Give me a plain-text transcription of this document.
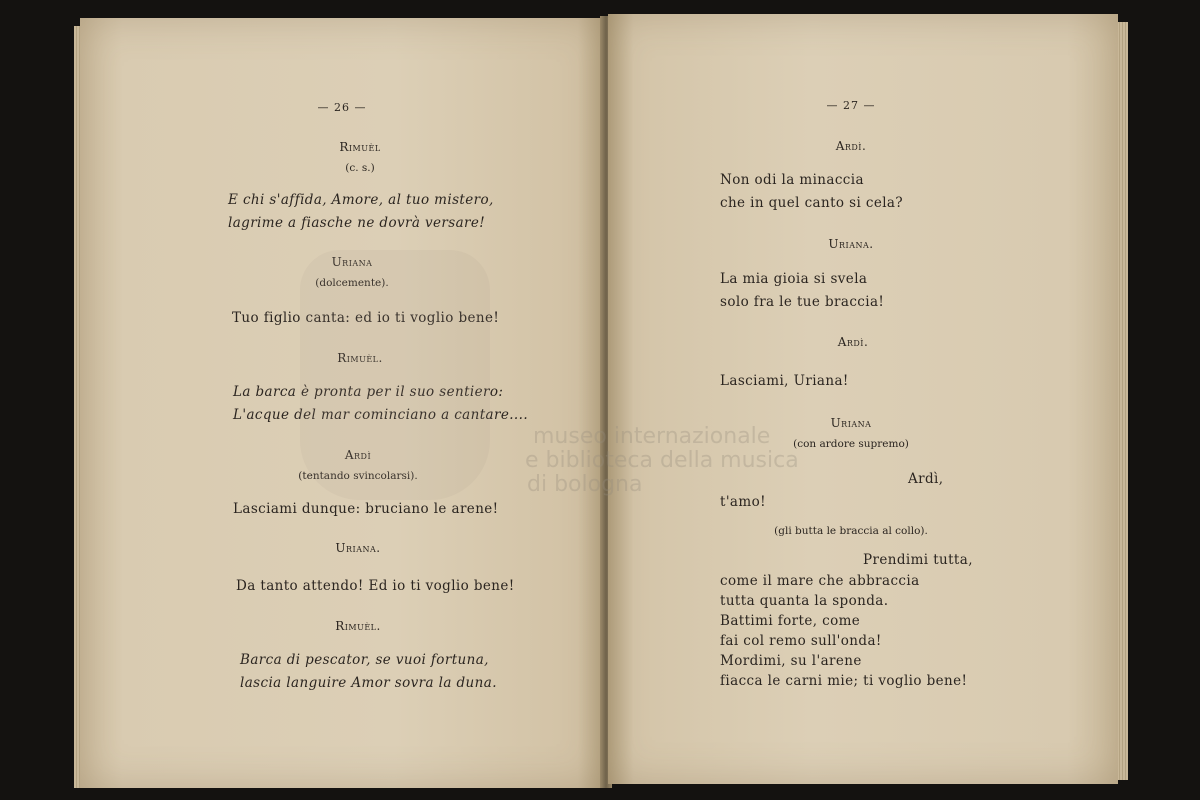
— 26 —
Rimuèl
(c. s.)
E chi s'affida, Amore, al tuo mistero,
lagrime a fiasche ne dovrà versare!
Uriana
(dolcemente).
Tuo figlio canta: ed io ti voglio bene!
Rimuèl.
La barca è pronta per il suo sentiero:
L'acque del mar cominciano a cantare....
Ardì
(tentando svincolarsi).
Lasciami dunque: bruciano le arene!
Uriana.
Da tanto attendo! Ed io ti voglio bene!
Rimuèl.
Barca di pescator, se vuoi fortuna,
lascia languire Amor sovra la duna.
— 27 —
Ardì.
Non odi la minaccia
che in quel canto si cela?
Uriana.
La mia gioia si svela
solo fra le tue braccia!
Ardì.
Lasciami, Uriana!
Uriana
(con ardore supremo)
Ardì,
t'amo!
(gli butta le braccia al collo).
Prendimi tutta,
come il mare che abbraccia
tutta quanta la sponda.
Battimi forte, come
fai col remo sull'onda!
Mordimi, su l'arene
fiacca le carni mie; ti voglio bene!
museo internazionale
e biblioteca della musica
di bologna
